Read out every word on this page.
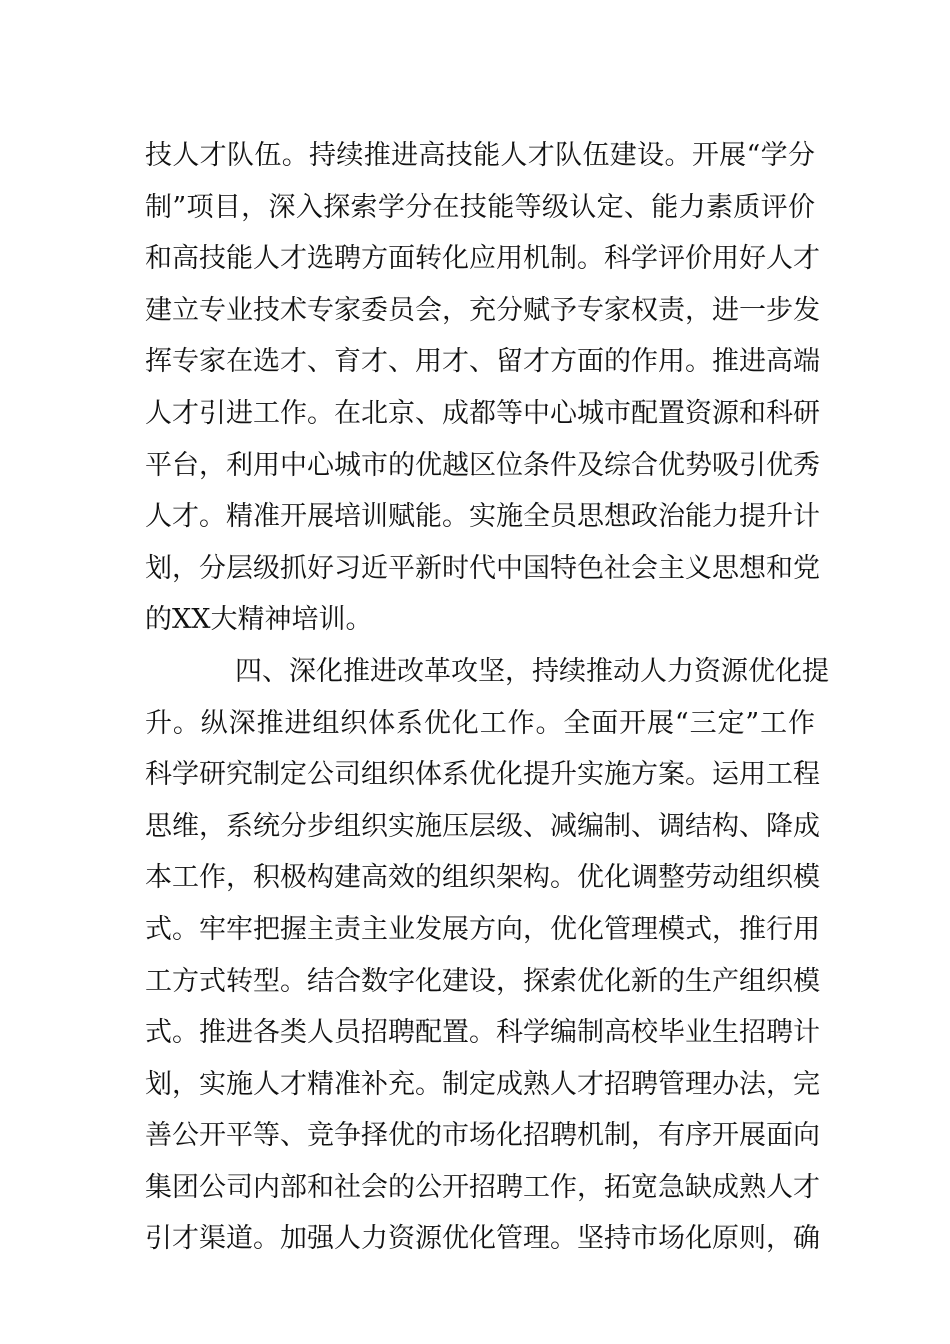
技人才队伍。持续推进高技能人才队伍建设。开展“学分
制”项目，深入探索学分在技能等级认定、能力素质评价
和高技能人才选聘方面转化应用机制。科学评价用好人才
建立专业技术专家委员会，充分赋予专家权责，进一步发
挥专家在选才、育才、用才、留才方面的作用。推进高端
人才引进工作。在北京、成都等中心城市配置资源和科研
平台，利用中心城市的优越区位条件及综合优势吸引优秀
人才。精准开展培训赋能。实施全员思想政治能力提升计
划，分层级抓好习近平新时代中国特色社会主义思想和党
的XX大精神培训。
四、深化推进改革攻坚，持续推动人力资源优化提
升。纵深推进组织体系优化工作。全面开展“三定”工作
科学研究制定公司组织体系优化提升实施方案。运用工程
思维，系统分步组织实施压层级、减编制、调结构、降成
本工作，积极构建高效的组织架构。优化调整劳动组织模
式。牢牢把握主责主业发展方向，优化管理模式，推行用
工方式转型。结合数字化建设，探索优化新的生产组织模
式。推进各类人员招聘配置。科学编制高校毕业生招聘计
划，实施人才精准补充。制定成熟人才招聘管理办法，完
善公开平等、竞争择优的市场化招聘机制，有序开展面向
集团公司内部和社会的公开招聘工作，拓宽急缺成熟人才
引才渠道。加强人力资源优化管理。坚持市场化原则，确
